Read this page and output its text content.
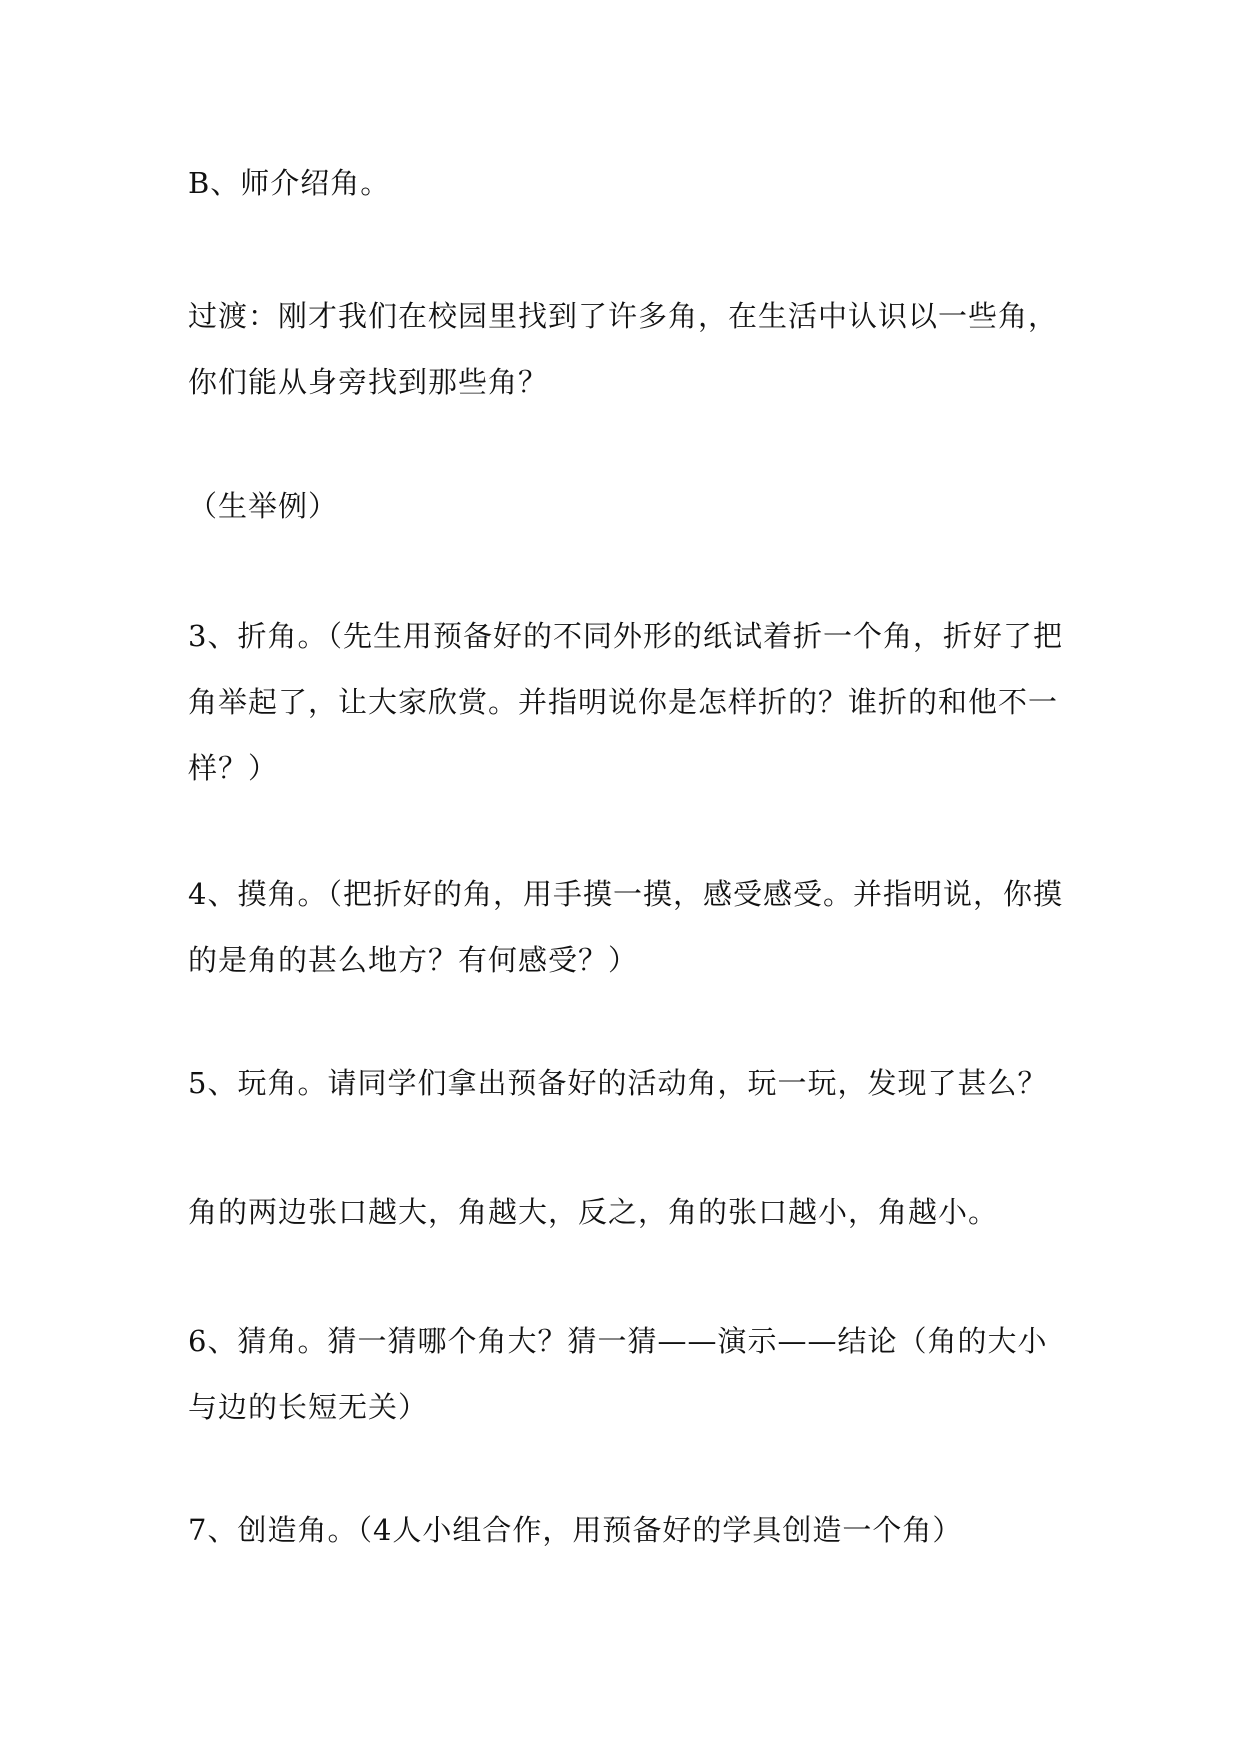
B、师介绍角。

过渡：刚才我们在校园里找到了许多角，在生活中认识以一些角，
你们能从身旁找到那些角？

（生举例）

3、折角。（先生用预备好的不同外形的纸试着折一个角，折好了把
角举起了，让大家欣赏。并指明说你是怎样折的？谁折的和他不一
样？）

4、摸角。（把折好的角，用手摸一摸，感受感受。并指明说，你摸
的是角的甚么地方？有何感受？）

5、玩角。请同学们拿出预备好的活动角，玩一玩，发现了甚么？

角的两边张口越大，角越大，反之，角的张口越小，角越小。

6、猜角。猜一猜哪个角大？猜一猜——演示——结论（角的大小
与边的长短无关）

7、创造角。（4人小组合作，用预备好的学具创造一个角）
